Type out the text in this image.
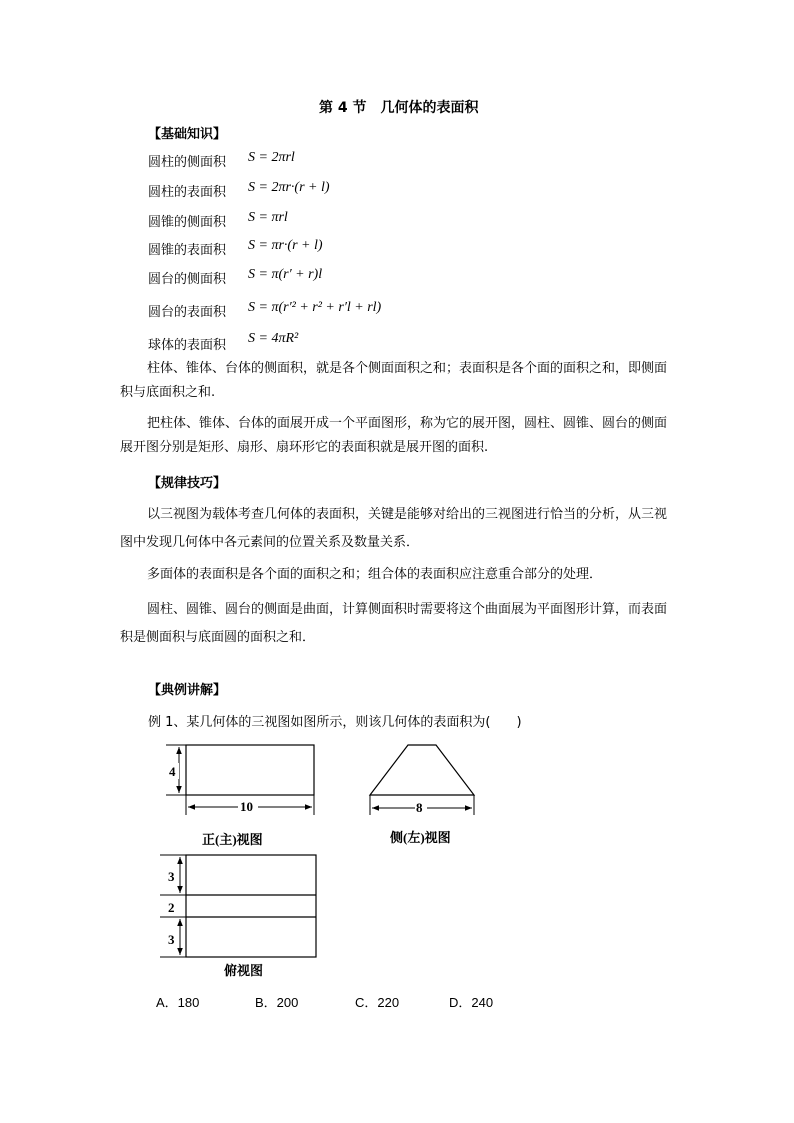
第 4 节　几何体的表面积
【基础知识】
圆柱的侧面积 S = 2πrl
圆柱的表面积 S = 2πr·(r + l)
圆锥的侧面积 S = πrl
圆锥的表面积 S = πr·(r + l)
圆台的侧面积 S = π(r′ + r)l
圆台的表面积 S = π(r′² + r² + r′l + rl)
球体的表面积 S = 4πR²
柱体、锥体、台体的侧面积，就是各个侧面面积之和；表面积是各个面的面积之和，即侧面积与底面积之和.
把柱体、锥体、台体的面展开成一个平面图形，称为它的展开图，圆柱、圆锥、圆台的侧面展开图分别是矩形、扇形、扇环形它的表面积就是展开图的面积.
【规律技巧】
以三视图为载体考查几何体的表面积，关键是能够对给出的三视图进行恰当的分析，从三视图中发现几何体中各元素间的位置关系及数量关系．
多面体的表面积是各个面的面积之和；组合体的表面积应注意重合部分的处理．
圆柱、圆锥、圆台的侧面是曲面，计算侧面积时需要将这个曲面展为平面图形计算，而表面积是侧面积与底面圆的面积之和．
【典例讲解】
例 1、某几何体的三视图如图所示，则该几何体的表面积为(　　)
4
10
正(主)视图
8
侧(左)视图
3
2
3
俯视图
A．180	B．200	C．220	D．240
